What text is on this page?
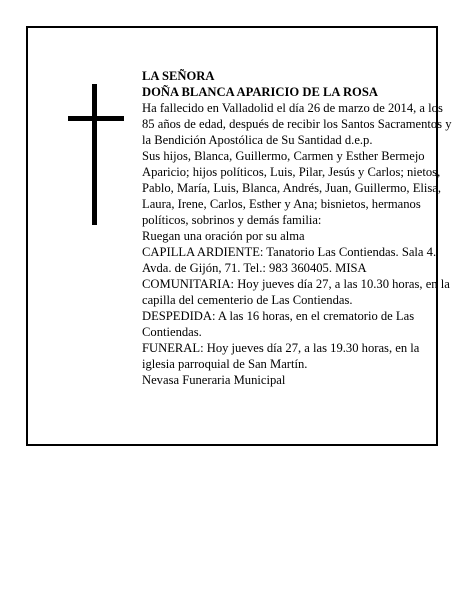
LA SEÑORA

DOÑA BLANCA APARICIO DE LA ROSA

Ha fallecido en Valladolid el día 26 de marzo de 2014, a los 85 años de edad, después de recibir los Santos Sacramentos y la Bendición Apostólica de Su Santidad d.e.p.

Sus hijos, Blanca, Guillermo, Carmen y Esther Bermejo Aparicio; hijos políticos, Luis, Pilar, Jesús y Carlos; nietos, Pablo, María, Luis, Blanca, Andrés, Juan, Guillermo, Elisa, Laura, Irene, Carlos, Esther y Ana; bisnietos, hermanos políticos, sobrinos y demás familia:

Ruegan una oración por su alma

CAPILLA ARDIENTE: Tanatorio Las Contiendas. Sala 4. Avda. de Gijón, 71. Tel.: 983 360405. MISA COMUNITARIA: Hoy jueves día 27, a las 10.30 horas, en la capilla del cementerio de Las Contiendas.

DESPEDIDA: A las 16 horas, en el crematorio de Las Contiendas.

FUNERAL: Hoy jueves día 27, a las 19.30 horas, en la iglesia parroquial de San Martín.

Nevasa Funeraria Municipal
